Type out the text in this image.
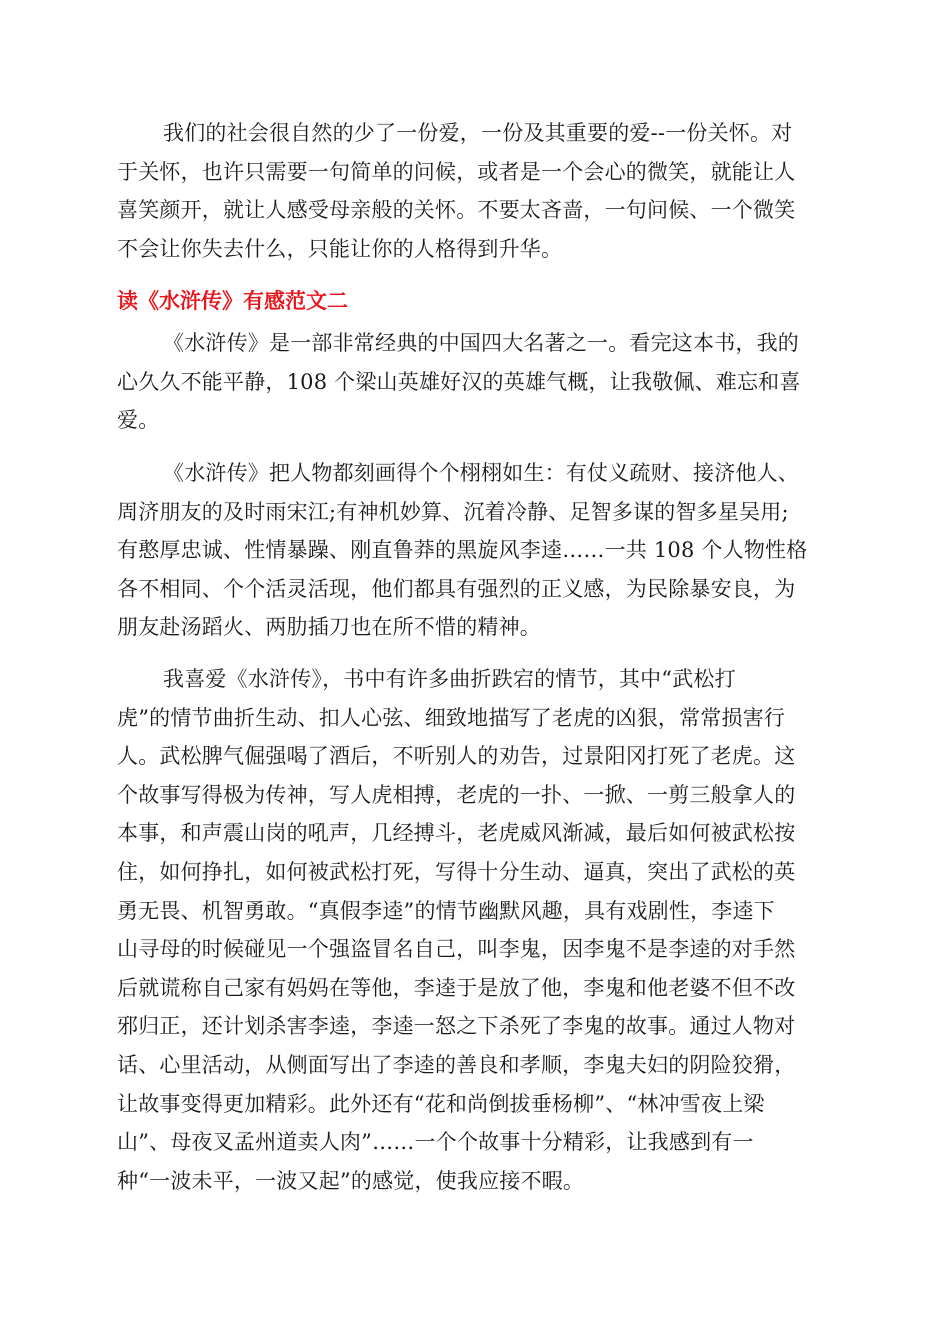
我们的社会很自然的少了一份爱，一份及其重要的爱--一份关怀。对
于关怀，也许只需要一句简单的问候，或者是一个会心的微笑，就能让人
喜笑颜开，就让人感受母亲般的关怀。不要太吝啬，一句问候、一个微笑
不会让你失去什么，只能让你的人格得到升华。
读《水浒传》有感范文二
《水浒传》是一部非常经典的中国四大名著之一。看完这本书，我的
心久久不能平静，108 个梁山英雄好汉的英雄气概，让我敬佩、难忘和喜
爱。
《水浒传》把人物都刻画得个个栩栩如生：有仗义疏财、接济他人、
周济朋友的及时雨宋江;有神机妙算、沉着冷静、足智多谋的智多星吴用;
有憨厚忠诚、性情暴躁、刚直鲁莽的黑旋风李逵……一共 108 个人物性格
各不相同、个个活灵活现，他们都具有强烈的正义感，为民除暴安良，为
朋友赴汤蹈火、两肋插刀也在所不惜的精神。
我喜爱《水浒传》，书中有许多曲折跌宕的情节，其中“武松打
虎”的情节曲折生动、扣人心弦、细致地描写了老虎的凶狠，常常损害行
人。武松脾气倔强喝了酒后，不听别人的劝告，过景阳冈打死了老虎。这
个故事写得极为传神，写人虎相搏，老虎的一扑、一掀、一剪三般拿人的
本事，和声震山岗的吼声，几经搏斗，老虎威风渐减，最后如何被武松按
住，如何挣扎，如何被武松打死，写得十分生动、逼真，突出了武松的英
勇无畏、机智勇敢。“真假李逵”的情节幽默风趣，具有戏剧性，李逵下
山寻母的时候碰见一个强盗冒名自己，叫李鬼，因李鬼不是李逵的对手然
后就谎称自己家有妈妈在等他，李逵于是放了他，李鬼和他老婆不但不改
邪归正，还计划杀害李逵，李逵一怒之下杀死了李鬼的故事。通过人物对
话、心里活动，从侧面写出了李逵的善良和孝顺，李鬼夫妇的阴险狡猾，
让故事变得更加精彩。此外还有“花和尚倒拔垂杨柳”、“林冲雪夜上梁
山”、母夜叉孟州道卖人肉”……一个个故事十分精彩，让我感到有一
种“一波未平，一波又起”的感觉，使我应接不暇。
